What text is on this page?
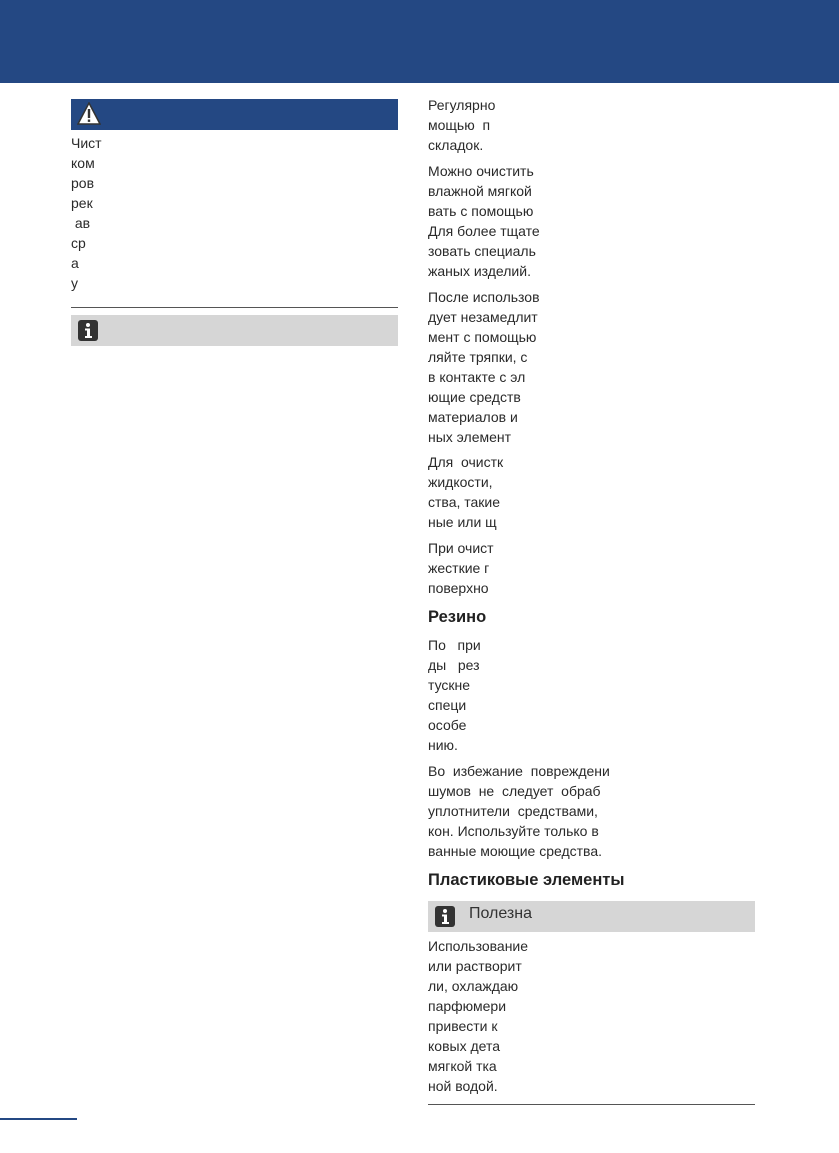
Чист
ком
ров
рек
ав
ср
а
у
Регулярно
мощью  п
складок.
Можно очистить
влажной мягкой
вать с помощью
Для более тщате
зовать специаль
жаных изделий.
После использов
дует незамедлит
мент с помощью
ляйте тряпки, с
в контакте с эл
ющие средств
материалов и
ных элемент
Для  очистк
жидкости,
ства, такие
ные или щ
При очист
жесткие г
поверхно
Резино
По   при
ды   рез
тускне
специ
особе
нию.
Во  избежание  повреждени
шумов  не  следует  обраб
уплотнители  средствами,
кон. Используйте только в
ванные моющие средства.
Пластиковые элементы
Полезна
Использование
или растворит
ли, охлаждаю
парфюмери
привести к
ковых дета
мягкой тка
ной водой.
